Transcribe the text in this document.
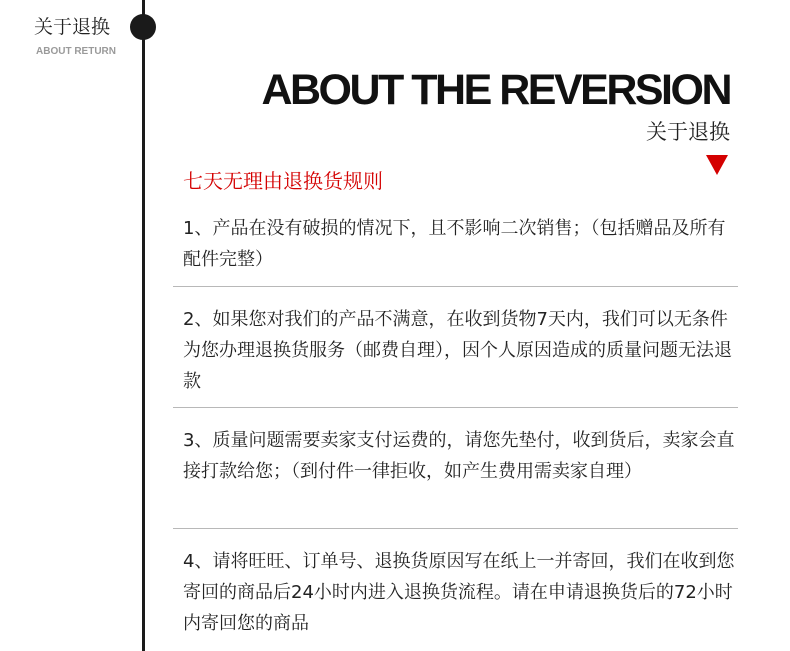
关于退换
ABOUT RETURN
ABOUT THE REVERSION
关于退换
七天无理由退换货规则
1、产品在没有破损的情况下，且不影响二次销售；（包括赠品及所有配件完整）
2、如果您对我们的产品不满意，在收到货物7天内，我们可以无条件为您办理退换货服务（邮费自理），因个人原因造成的质量问题无法退款
3、质量问题需要卖家支付运费的，请您先垫付，收到货后，卖家会直接打款给您；（到付件一律拒收，如产生费用需卖家自理）
4、请将旺旺、订单号、退换货原因写在纸上一并寄回，我们在收到您寄回的商品后24小时内进入退换货流程。请在申请退换货后的72小时内寄回您的商品
